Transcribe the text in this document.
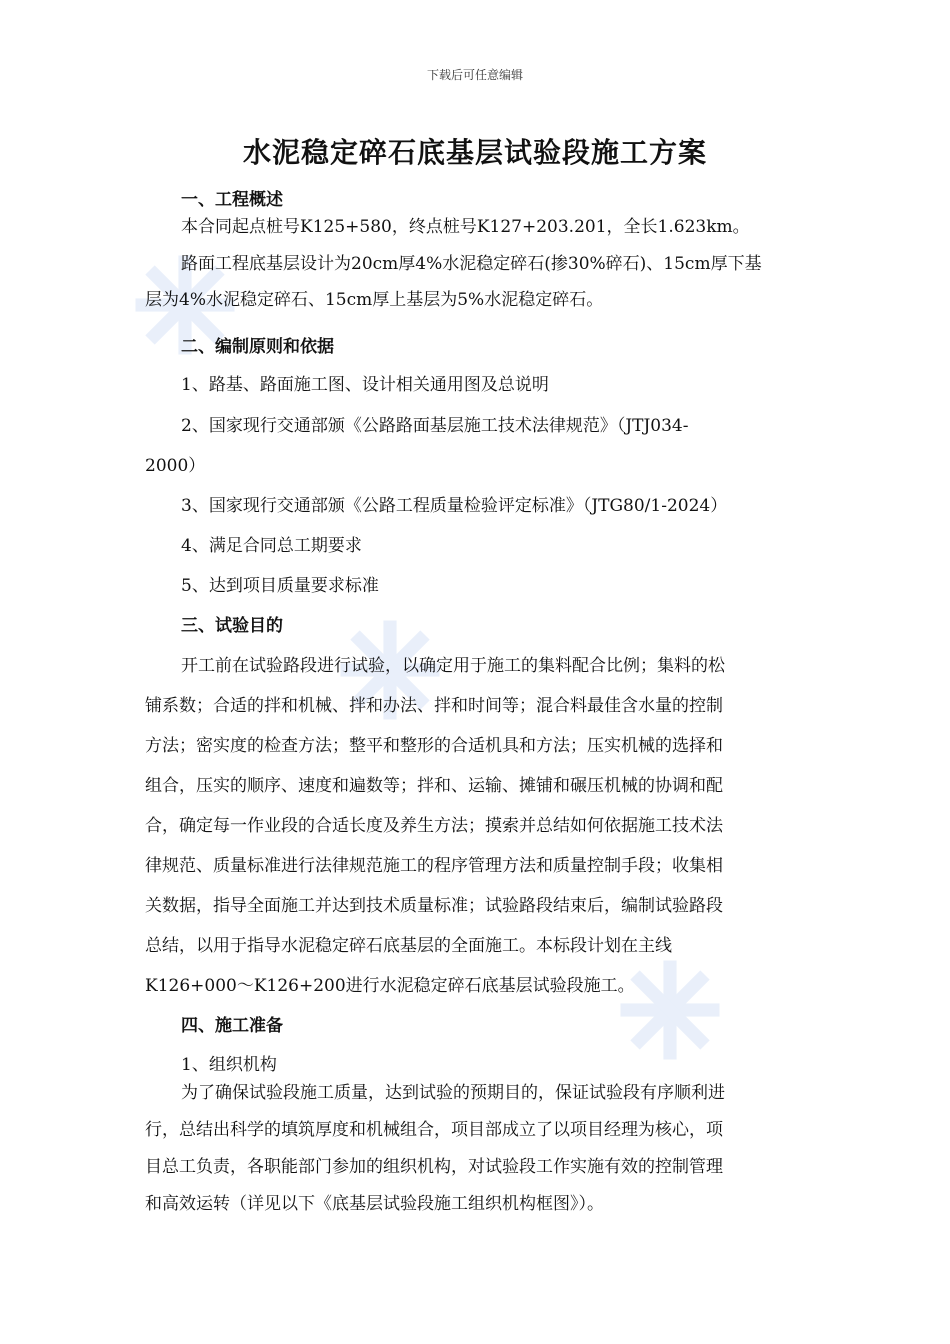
下载后可任意编辑
水泥稳定碎石底基层试验段施工方案
一、工程概述
本合同起点桩号K125+580，终点桩号K127+203.201，全长1.623km。
路面工程底基层设计为20cm厚4%水泥稳定碎石(掺30%碎石)、15cm厚下基
层为4%水泥稳定碎石、15cm厚上基层为5%水泥稳定碎石。
二、编制原则和依据
1、路基、路面施工图、设计相关通用图及总说明
2、国家现行交通部颁《公路路面基层施工技术法律规范》（JTJ034-
2000）
3、国家现行交通部颁《公路工程质量检验评定标准》（JTG80/1-2024）
4、满足合同总工期要求
5、达到项目质量要求标准
三、试验目的
开工前在试验路段进行试验，以确定用于施工的集料配合比例；集料的松
铺系数；合适的拌和机械、拌和办法、拌和时间等；混合料最佳含水量的控制
方法；密实度的检查方法；整平和整形的合适机具和方法；压实机械的选择和
组合，压实的顺序、速度和遍数等；拌和、运输、摊铺和碾压机械的协调和配
合，确定每一作业段的合适长度及养生方法；摸索并总结如何依据施工技术法
律规范、质量标准进行法律规范施工的程序管理方法和质量控制手段；收集相
关数据，指导全面施工并达到技术质量标准；试验路段结束后，编制试验路段
总结，以用于指导水泥稳定碎石底基层的全面施工。本标段计划在主线
K126+000～K126+200进行水泥稳定碎石底基层试验段施工。
四、施工准备
1、组织机构
为了确保试验段施工质量，达到试验的预期目的，保证试验段有序顺利进
行，总结出科学的填筑厚度和机械组合，项目部成立了以项目经理为核心，项
目总工负责，各职能部门参加的组织机构，对试验段工作实施有效的控制管理
和高效运转（详见以下《底基层试验段施工组织机构框图》）。
